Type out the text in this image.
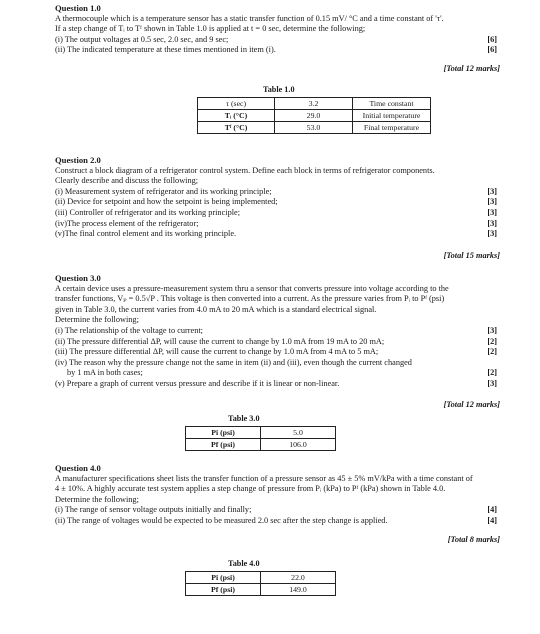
Question 1.0
A thermocouple which is a temperature sensor has a static transfer function of 0.15 mV/ °C and a time constant of 'τ'.
If a step change of Tᵢ to Tᶠ shown in Table 1.0 is applied at t = 0 sec, determine the following;
(i) The output voltages at 0.5 sec, 2.0 sec, and 9 sec;	[6]
(ii) The indicated temperature at these times mentioned in item (i).	[6]
[Total 12 marks]
Table 1.0
τ (sec)	3.2	Time constant
Tᵢ (°C)	29.0	Initial temperature
Tᶠ (°C)	53.0	Final temperature
Question 2.0
Construct a block diagram of a refrigerator control system. Define each block in terms of refrigerator components.
Clearly describe and discuss the following;
(i) Measurement system of refrigerator and its working principle;	[3]
(ii) Device for setpoint and how the setpoint is being implemented;	[3]
(iii) Controller of refrigerator and its working principle;	[3]
(iv)The process element of the refrigerator;	[3]
(v)The final control element and its working principle.	[3]
[Total 15 marks]
Question 3.0
A certain device uses a pressure-measurement system thru a sensor that converts pressure into voltage according to the
transfer functions, Vₚ = 0.5√P . This voltage is then converted into a current. As the pressure varies from Pᵢ to Pᶠ (psi)
given in Table 3.0, the current varies from 4.0 mA to 20 mA which is a standard electrical signal.
Determine the following;
(i) The relationship of the voltage to current;	[3]
(ii) The pressure differential ΔP, will cause the current to change by 1.0 mA from 19 mA to 20 mA;	[2]
(iii) The pressure differential ΔP, will cause the current to change by 1.0 mA from 4 mA to 5 mA;	[2]
(iv) The reason why the pressure change not the same in item (ii) and (iii), even though the current changed
by 1 mA in both cases;	[2]
(v) Prepare a graph of current versus pressure and describe if it is linear or non-linear.	[3]
[Total 12 marks]
Table 3.0
Pi (psi)	5.0
Pf (psi)	106.0
Question 4.0
A manufacturer specifications sheet lists the transfer function of a pressure sensor as 45 ± 5% mV/kPa with a time constant of
4 ± 10%. A highly accurate test system applies a step change of pressure from Pᵢ (kPa) to Pᶠ (kPa) shown in Table 4.0.
Determine the following;
(i) The range of sensor voltage outputs initially and finally;	[4]
(ii) The range of voltages would be expected to be measured 2.0 sec after the step change is applied.	[4]
[Total 8 marks]
Table 4.0
Pi (psi)	22.0
Pf (psi)	149.0
